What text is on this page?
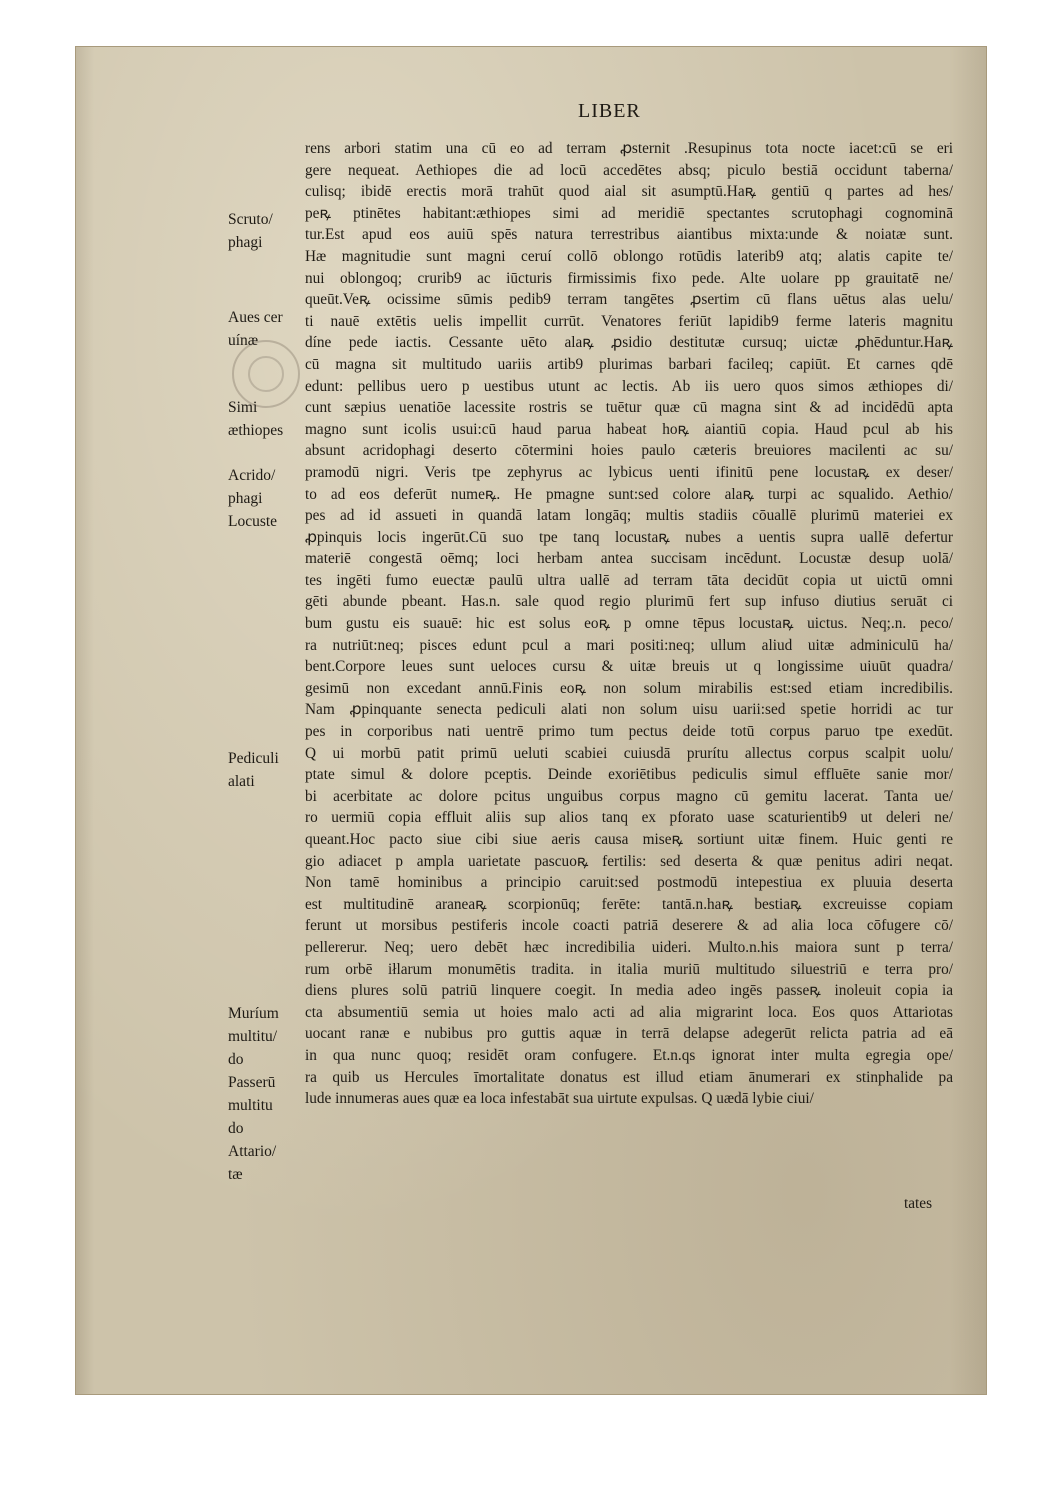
LIBER
Scruto/
phagi
Aues cer
uínæ
Simi
æthiopes
Acrido/
phagi
Locuste
Pediculi
alati
Muríum
multitu/
do
Passerū
multitu
do
Attario/
tæ
rens arbori statim una cū eo ad terram ꝓsternit .Resupinus tota nocte iacet:cū se eri
gere nequeat. Aethiopes die ad locū accedētes absq; piculo bestiā occidunt taberna/
culisq; ibidē erectis morā trahūt quod aial sit asumptū.Haꝶ gentiū q partes ad hes/
peꝶ ptinētes habitant:æthiopes simi ad meridiē spectantes scrutophagi cognominā
tur.Est apud eos auiū spēs natura terrestribus aiantibus mixta:unde & noiatæ sunt.
Hæ magnitudie sunt magni ceruí collō oblongo rotūdis laterib9 atq; alatis capite te/
nui oblongoq; crurib9 ac iūcturis firmissimis fixo pede. Alte uolare pp grauitatē ne/
queūt.Veꝶ ocissime sūmis pedib9 terram tangētes ꝓsertim cū flans uētus alas uelu/
ti nauē extētis uelis impellit currūt. Venatores feriūt lapidib9 ferme lateris magnitu
díne pede iactis. Cessante uēto alaꝶ ꝓsidio destitutæ cursuq; uictæ ꝓhēduntur.Haꝶ
cū magna sit multitudo uariis artib9 plurimas barbari facileq; capiūt. Et carnes qdē
edunt: pellibus uero p uestibus utunt ac lectis. Ab iis uero quos simos æthiopes di/
cunt sæpius uenatiōe lacessite rostris se tuētur quæ cū magna sint & ad incidēdū apta
magno sunt icolis usui:cū haud parua habeat hoꝶ aiantiū copia. Haud pcul ab his
absunt acridophagi deserto cōtermini hoies paulo cæteris breuiores macilenti ac su/
pramodū nigri. Veris tpe zephyrus ac lybicus uenti ifinitū pene locustaꝶ ex deser/
to ad eos deferūt numeꝶ. He pmagne sunt:sed colore alaꝶ turpi ac squalido. Aethio/
pes ad id assueti in quandā latam longāq; multis stadiis cōuallē plurimū materiei ex
ꝓpinquis locis ingerūt.Cū suo tpe tanq locustaꝶ nubes a uentis supra uallē defertur
materiē congestā oēmq; loci herbam antea succisam incēdunt. Locustæ desup uolā/
tes ingēti fumo euectæ paulū ultra uallē ad terram tāta decidūt copia ut uictū omni
gēti abunde pbeant. Has.n. sale quod regio plurimū fert sup infuso diutius seruāt ci
bum gustu eis suauē: hic est solus eoꝶ p omne tēpus locustaꝶ uictus. Neq;.n. peco/
ra nutriūt:neq; pisces edunt pcul a mari positi:neq; ullum aliud uitæ adminiculū ha/
bent.Corpore leues sunt ueloces cursu & uitæ breuis ut q longissime uiuūt quadra/
gesimū non excedant annū.Finis eoꝶ non solum mirabilis est:sed etiam incredibilis.
Nam ꝓpinquante senecta pediculi alati non solum uisu uarii:sed spetie horridi ac tur
pes in corporibus nati uentrē primo tum pectus deide totū corpus paruo tpe exedūt.
Q ui morbū patit primū ueluti scabiei cuiusdā prurítu allectus corpus scalpit uolu/
ptate simul & dolore pceptis. Deinde exoriētibus pediculis simul effluēte sanie mor/
bi acerbitate ac dolore pcitus unguibus corpus magno cū gemitu lacerat. Tanta ue/
ro uermiū copia effluit aliis sup alios tanq ex pforato uase scaturientib9 ut deleri ne/
queant.Hoc pacto siue cibi siue aeris causa miseꝶ sortiunt uitæ finem. Huic genti re
gio adiacet p ampla uarietate pascuoꝶ fertilis: sed deserta & quæ penitus adiri neqat.
Non tamē hominibus a principio caruit:sed postmodū intepestiua ex pluuia deserta
est multitudinē araneaꝶ scorpionūq; ferēte: tantā.n.haꝶ bestiaꝶ excreuisse copiam
ferunt ut morsibus pestiferis incole coacti patriā deserere & ad alia loca cōfugere cō/
pellererur. Neq; uero debēt hæc incredibilia uideri. Multo.n.his maiora sunt p terra/
rum orbē iłlarum monumētis tradita. in italia muriū multitudo siluestriū e terra pro/
diens plures solū patriū linquere coegit. In media adeo ingēs passeꝶ inoleuit copia ia
cta absumentiū semia ut hoies malo acti ad alia migrarint loca. Eos quos Attariotas
uocant ranæ e nubibus pro guttis aquæ in terrā delapse adegerūt relicta patria ad eā
in qua nunc quoq; residēt oram confugere. Et.n.qs ignorat inter multa egregia ope/
ra quib us Hercules īmortalitate donatus est illud etiam ānumerari ex stinphalide pa
lude innumeras aues quæ ea loca infestabāt sua uirtute expulsas. Q uædā lybie ciui/
tates
